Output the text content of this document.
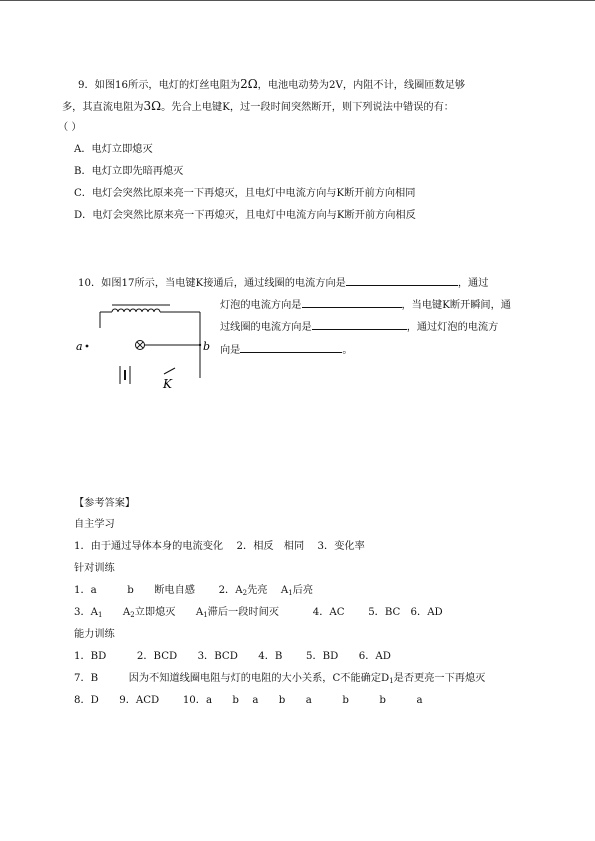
9．如图16所示，电灯的灯丝电阻为2Ω，电池电动势为2V，内阻不计，线圈匝数足够
多，其直流电阻为3Ω。先合上电键K，过一段时间突然断开，则下列说法中错误的有：
（ ）
A．电灯立即熄灭
B．电灯立即先暗再熄灭
C．电灯会突然比原来亮一下再熄灭，且电灯中电流方向与K断开前方向相同
D．电灯会突然比原来亮一下再熄灭，且电灯中电流方向与K断开前方向相反
10．如图17所示，当电键K接通后，通过线圈的电流方向是	，通过
灯泡的电流方向是	，当电键K断开瞬间，通
过线圈的电流方向是	，通过灯泡的电流方
向是	。
a	b
K
【参考答案】
自主学习
1．由于通过导体本身的电流变化　 2．相反　相同　 3．变化率
针对训练
1．a　　　b　　断电自感　　 2．$A_2$先亮　 $A_1$后亮
3．$A_1$　　$A_2$立即熄灭　　$A_1$滞后一段时间灭　　　 4．AC　　 5．BC　6．AD
能力训练
1．BD　　　2．BCD　　3．BCD　　4．B　　 5．BD　　6．AD
7．B　　　因为不知道线圈电阻与灯的电阻的大小关系，C不能确定$D_1$是否更亮一下再熄灭
8．D　　9．ACD　　 10．a　　b　 a　　b　　a　　　b　　　b　　　a
